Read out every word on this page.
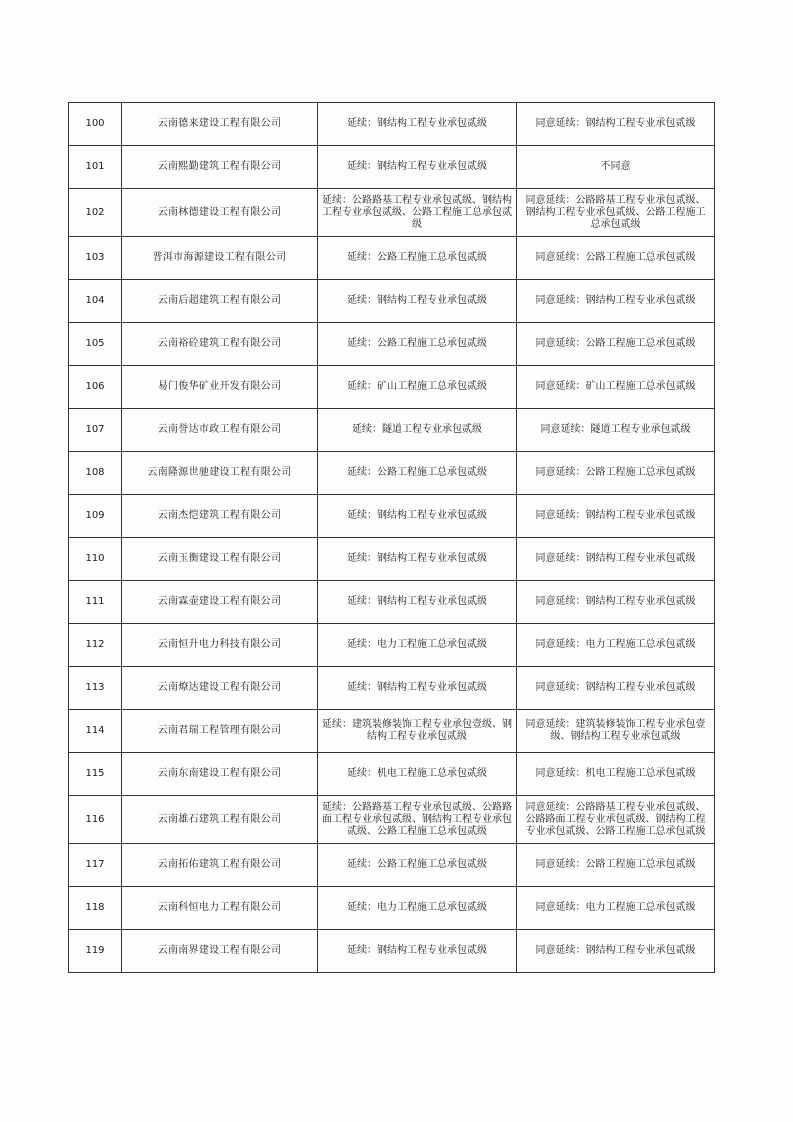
100	云南德来建设工程有限公司	延续：钢结构工程专业承包贰级	同意延续：钢结构工程专业承包贰级
101	云南熙勤建筑工程有限公司	延续：钢结构工程专业承包贰级	不同意
102	云南林德建设工程有限公司	延续：公路路基工程专业承包贰级、钢结构工程专业承包贰级、公路工程施工总承包贰级	同意延续：公路路基工程专业承包贰级、钢结构工程专业承包贰级、公路工程施工总承包贰级
103	普洱市海源建设工程有限公司	延续：公路工程施工总承包贰级	同意延续：公路工程施工总承包贰级
104	云南后超建筑工程有限公司	延续：钢结构工程专业承包贰级	同意延续：钢结构工程专业承包贰级
105	云南裕砼建筑工程有限公司	延续：公路工程施工总承包贰级	同意延续：公路工程施工总承包贰级
106	易门俊华矿业开发有限公司	延续：矿山工程施工总承包贰级	同意延续：矿山工程施工总承包贰级
107	云南誉达市政工程有限公司	延续：隧道工程专业承包贰级	同意延续：隧道工程专业承包贰级
108	云南隆源世驰建设工程有限公司	延续：公路工程施工总承包贰级	同意延续：公路工程施工总承包贰级
109	云南杰恺建筑工程有限公司	延续：钢结构工程专业承包贰级	同意延续：钢结构工程专业承包贰级
110	云南玉衡建设工程有限公司	延续：钢结构工程专业承包贰级	同意延续：钢结构工程专业承包贰级
111	云南霖壶建设工程有限公司	延续：钢结构工程专业承包贰级	同意延续：钢结构工程专业承包贰级
112	云南恒升电力科技有限公司	延续：电力工程施工总承包贰级	同意延续：电力工程施工总承包贰级
113	云南燎达建设工程有限公司	延续：钢结构工程专业承包贰级	同意延续：钢结构工程专业承包贰级
114	云南君瑞工程管理有限公司	延续：建筑装修装饰工程专业承包壹级、钢结构工程专业承包贰级	同意延续：建筑装修装饰工程专业承包壹级、钢结构工程专业承包贰级
115	云南东南建设工程有限公司	延续：机电工程施工总承包贰级	同意延续：机电工程施工总承包贰级
116	云南雄石建筑工程有限公司	延续：公路路基工程专业承包贰级、公路路面工程专业承包贰级、钢结构工程专业承包贰级、公路工程施工总承包贰级	同意延续：公路路基工程专业承包贰级、公路路面工程专业承包贰级、钢结构工程专业承包贰级、公路工程施工总承包贰级
117	云南拓佑建筑工程有限公司	延续：公路工程施工总承包贰级	同意延续：公路工程施工总承包贰级
118	云南科恒电力工程有限公司	延续：电力工程施工总承包贰级	同意延续：电力工程施工总承包贰级
119	云南南界建设工程有限公司	延续：钢结构工程专业承包贰级	同意延续：钢结构工程专业承包贰级
